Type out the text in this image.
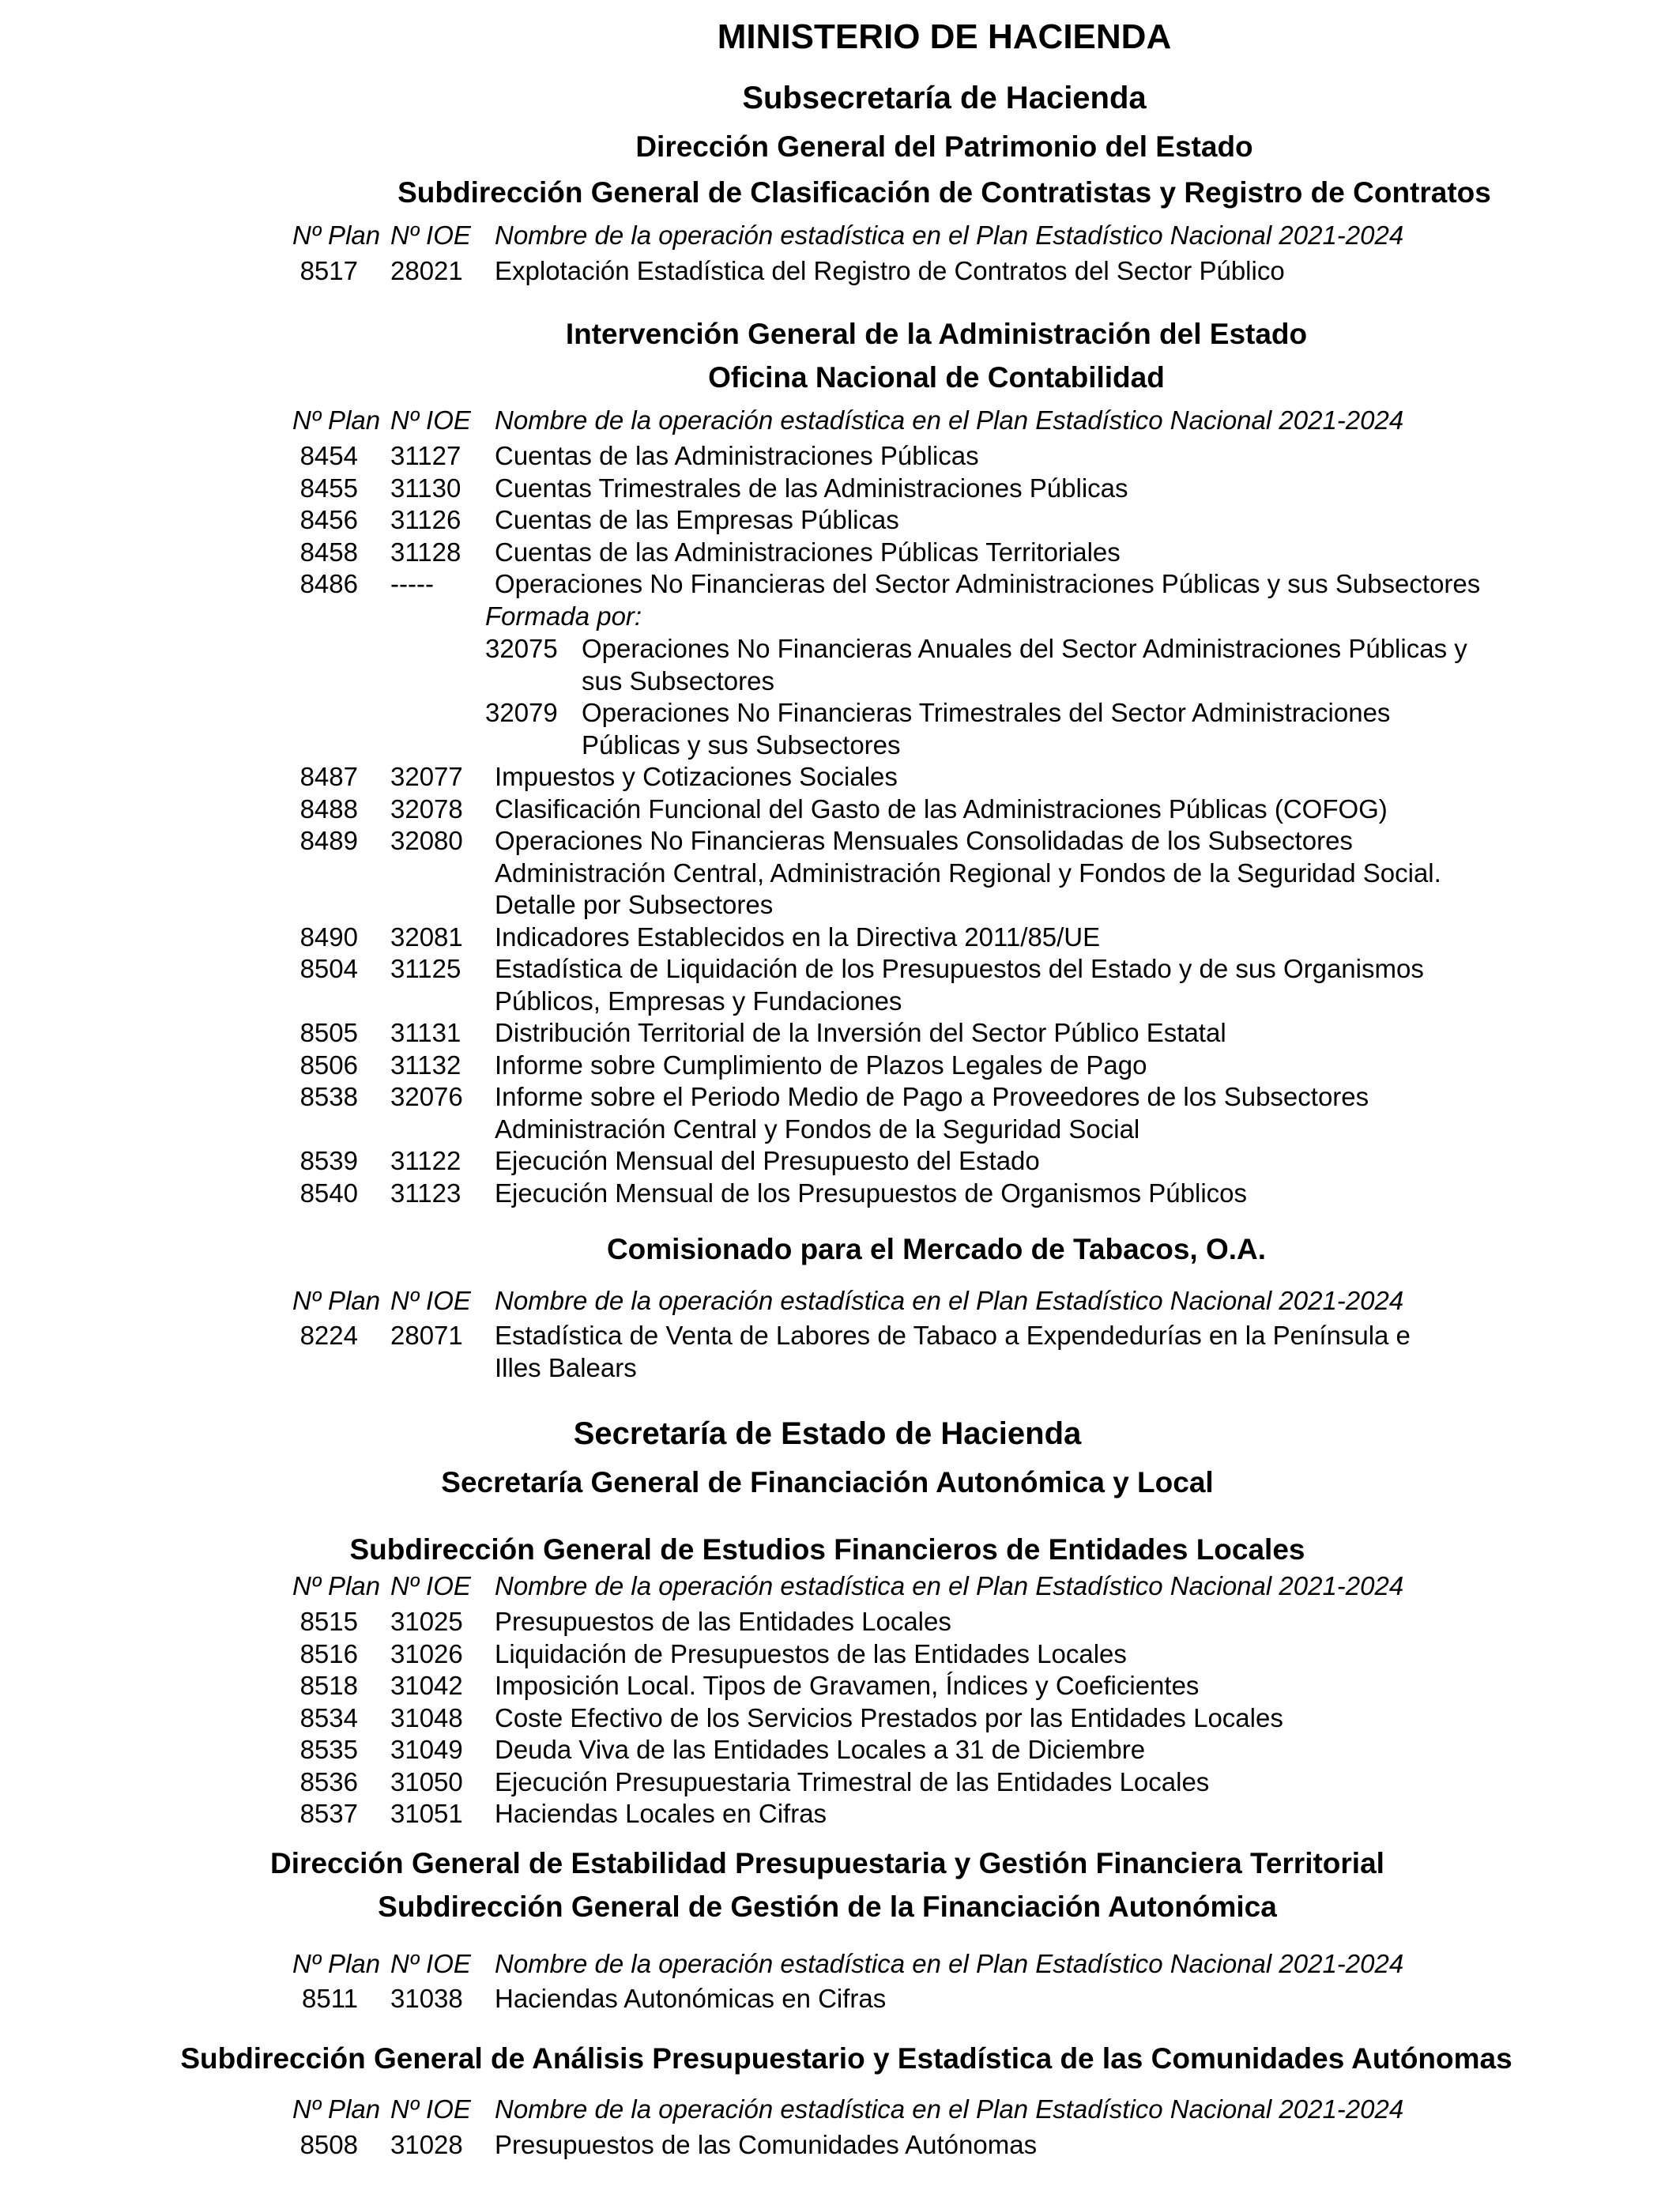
MINISTERIO DE HACIENDA
Subsecretaría de Hacienda
Dirección General del Patrimonio del Estado
Subdirección General de Clasificación de Contratistas y Registro de Contratos
Intervención General de la Administración del Estado
Oficina Nacional de Contabilidad
Comisionado para el Mercado de Tabacos, O.A.
Secretaría de Estado de Hacienda
Secretaría General de Financiación Autonómica y Local
Subdirección General de Estudios Financieros de Entidades Locales
Dirección General de Estabilidad Presupuestaria y Gestión Financiera Territorial
Subdirección General de Gestión de la Financiación Autonómica
Subdirección General de Análisis Presupuestario y Estadística de las Comunidades Autónomas
Nº Plan Nº IOE Nombre de la operación estadística en el Plan Estadístico Nacional 2021-2024
Nº Plan Nº IOE Nombre de la operación estadística en el Plan Estadístico Nacional 2021-2024
Nº Plan Nº IOE Nombre de la operación estadística en el Plan Estadístico Nacional 2021-2024
Nº Plan Nº IOE Nombre de la operación estadística en el Plan Estadístico Nacional 2021-2024
Nº Plan Nº IOE Nombre de la operación estadística en el Plan Estadístico Nacional 2021-2024
Nº Plan Nº IOE Nombre de la operación estadística en el Plan Estadístico Nacional 2021-2024
8517 28021 Explotación Estadística del Registro de Contratos del Sector Público
8454 31127 Cuentas de las Administraciones Públicas
8455 31130 Cuentas Trimestrales de las Administraciones Públicas
8456 31126 Cuentas de las Empresas Públicas
8458 31128 Cuentas de las Administraciones Públicas Territoriales
8486 ----- Operaciones No Financieras del Sector Administraciones Públicas y sus Subsectores
Formada por:
32075 Operaciones No Financieras Anuales del Sector Administraciones Públicas y
sus Subsectores
32079 Operaciones No Financieras Trimestrales del Sector Administraciones
Públicas y sus Subsectores
8487 32077 Impuestos y Cotizaciones Sociales
8488 32078 Clasificación Funcional del Gasto de las Administraciones Públicas (COFOG)
8489 32080 Operaciones No Financieras Mensuales Consolidadas de los Subsectores
Administración Central, Administración Regional y Fondos de la Seguridad Social.
Detalle por Subsectores
8490 32081 Indicadores Establecidos en la Directiva 2011/85/UE
8504 31125 Estadística de Liquidación de los Presupuestos del Estado y de sus Organismos
Públicos, Empresas y Fundaciones
8505 31131 Distribución Territorial de la Inversión del Sector Público Estatal
8506 31132 Informe sobre Cumplimiento de Plazos Legales de Pago
8538 32076 Informe sobre el Periodo Medio de Pago a Proveedores de los Subsectores
Administración Central y Fondos de la Seguridad Social
8539 31122 Ejecución Mensual del Presupuesto del Estado
8540 31123 Ejecución Mensual de los Presupuestos de Organismos Públicos
8224 28071 Estadística de Venta de Labores de Tabaco a Expendedurías en la Península e
Illes Balears
8515 31025 Presupuestos de las Entidades Locales
8516 31026 Liquidación de Presupuestos de las Entidades Locales
8518 31042 Imposición Local. Tipos de Gravamen, Índices y Coeficientes
8534 31048 Coste Efectivo de los Servicios Prestados por las Entidades Locales
8535 31049 Deuda Viva de las Entidades Locales a 31 de Diciembre
8536 31050 Ejecución Presupuestaria Trimestral de las Entidades Locales
8537 31051 Haciendas Locales en Cifras
8511 31038 Haciendas Autonómicas en Cifras
8508 31028 Presupuestos de las Comunidades Autónomas
